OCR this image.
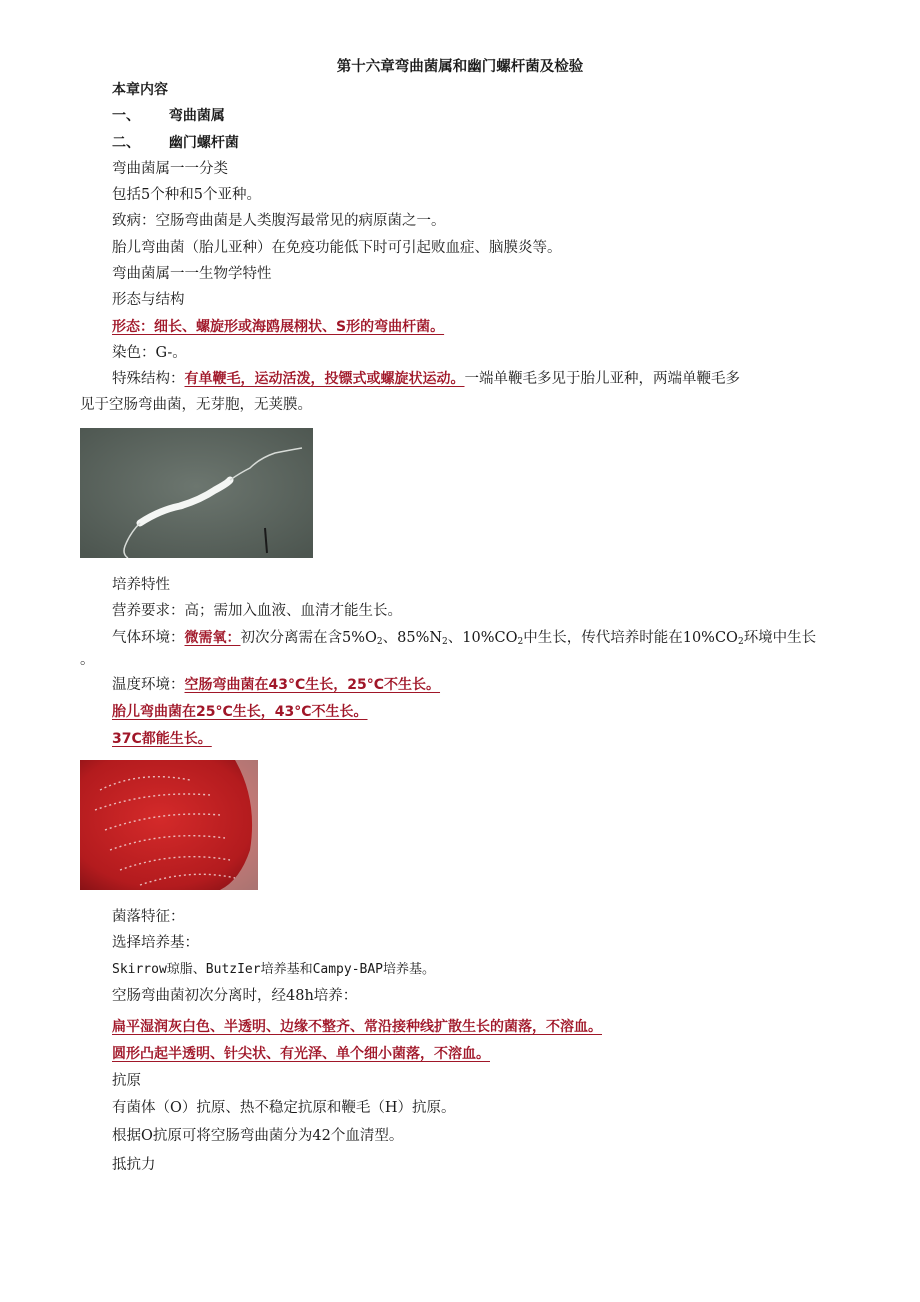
第十六章弯曲菌属和幽门螺杆菌及检验
本章内容
一、 弯曲菌属
二、 幽门螺杆菌
弯曲菌属一一分类
包括5个种和5个亚种。
致病：空肠弯曲菌是人类腹泻最常见的病原菌之一。
胎儿弯曲菌（胎儿亚种）在免疫功能低下时可引起败血症、脑膜炎等。
弯曲菌属一一生物学特性
形态与结构
形态：细长、螺旋形或海鸥展栩状、S形的弯曲杆菌。
染色：G-。
特殊结构：有单鞭毛，运动活泼，投镖式或螺旋状运动。一端单鞭毛多见于胎儿亚种，两端单鞭毛多
见于空肠弯曲菌，无芽胞，无荚膜。
培养特性
营养要求：高；需加入血液、血清才能生长。
气体环境：微需氧：初次分离需在含$5\%O_2$、$85\%N_2$、$10\%CO_2$中生长，传代培养时能在$10\%CO_2$环境中生长
。
温度环境：空肠弯曲菌在43°C生长，25°C不生长。
胎儿弯曲菌在25°C生长，43°C不生长。
37C都能生长。
菌落特征：
选择培养基：
Skirrow琼脂、ButzIer培养基和Campy-BAP培养基。
空肠弯曲菌初次分离时，经48h培养：
扁平湿润灰白色、半透明、边缘不整齐、常沿接种线扩散生长的菌落，不溶血。
圆形凸起半透明、针尖状、有光泽、单个细小菌落，不溶血。
抗原
有菌体（O）抗原、热不稳定抗原和鞭毛（H）抗原。
根据O抗原可将空肠弯曲菌分为42个血清型。
抵抗力
